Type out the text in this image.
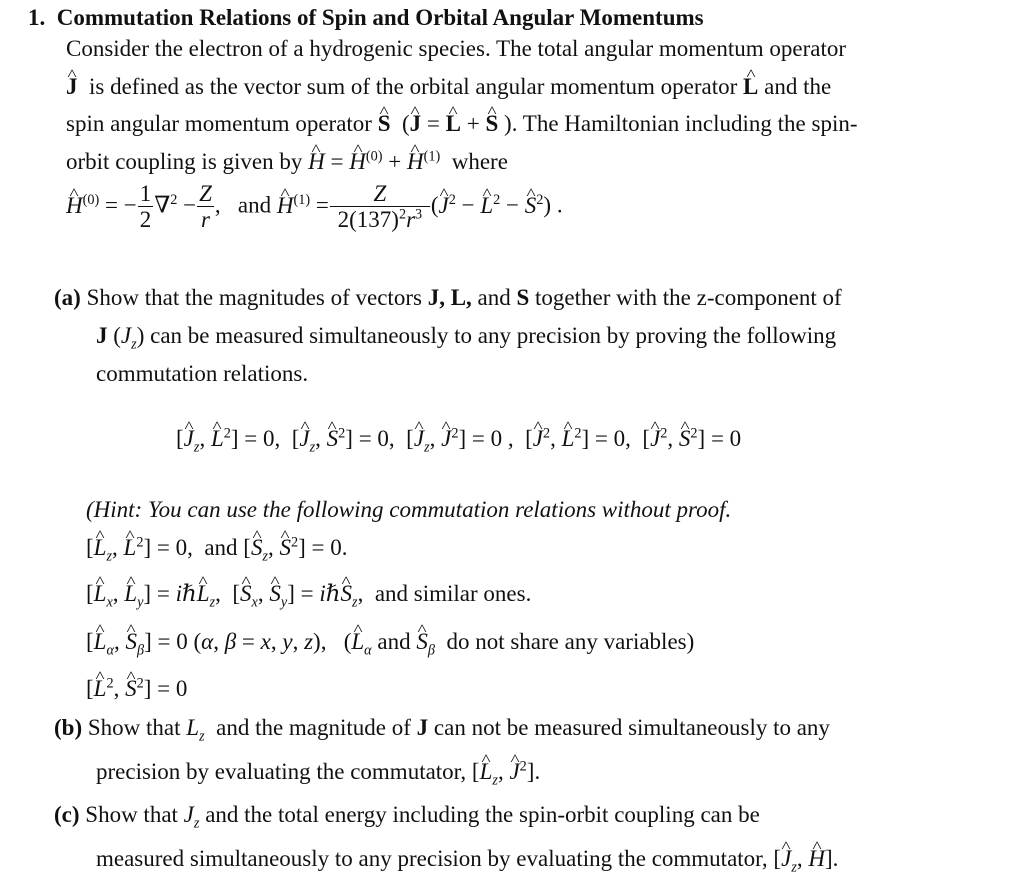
1. Commutation Relations of Spin and Orbital Angular Momentums
Consider the electron of a hydrogenic species. The total angular momentum operator
^ J is defined as the vector sum of the orbital angular momentum operator ^ L and the
spin angular momentum operator ^ S  (^ J = ^ L + ^ S ). The Hamiltonian including the spin-
orbit coupling is given by ^ H = ^ $H^{(0)}$ + ^ $H^{(1)}$ where
^ $H^{(0)}$ = − $\frac{1}{2} \nabla^2 - \frac{Z}{r}$ ,   and ^ $H^{(1)} = \frac{Z}{2(137)^2r^3}$ (^ $J^2$ − ^ $L^2$ − ^ $S^2$) .
(a) Show that the magnitudes of vectors J, L, and S together with the z-component of
J $(J_z)$ can be measured simultaneously to any precision by proving the following
commutation relations.
[^ $J_z$, ^ $L^2] = 0$,  [^ $J_z$, ^ $S^2] = 0$,  [^ $J_z$, ^ $J^2] = 0$ ,  [^ $J^2$, ^ $L^2] = 0$,  [^ $J^2$, ^ $S^2] = 0$
(Hint: You can use the following commutation relations without proof.
[^ $L_z$, ^ $L^2] = 0$,  and [^ $S_z$, ^ $S^2] = 0$.
[^ $L_x$, ^ $L_y$] = iℏ^ $L_z$,  [^ $S_x$, ^ $S_y$] = iℏ^ $S_z$,  and similar ones.
[^ $L_\alpha$, ^ $S_\beta] = 0$ (α, β = x, y, z),   (^ $L_\alpha$ and ^ $S_\beta$ do not share any variables)
[^ $L^2$, ^ $S^2] = 0$
(b) Show that $L_z$ and the magnitude of J can not be measured simultaneously to any
precision by evaluating the commutator, [^ $L_z$, ^ $J^2$].
(c) Show that $J_z$ and the total energy including the spin-orbit coupling can be
measured simultaneously to any precision by evaluating the commutator, [^ $J_z$, ^ H].
